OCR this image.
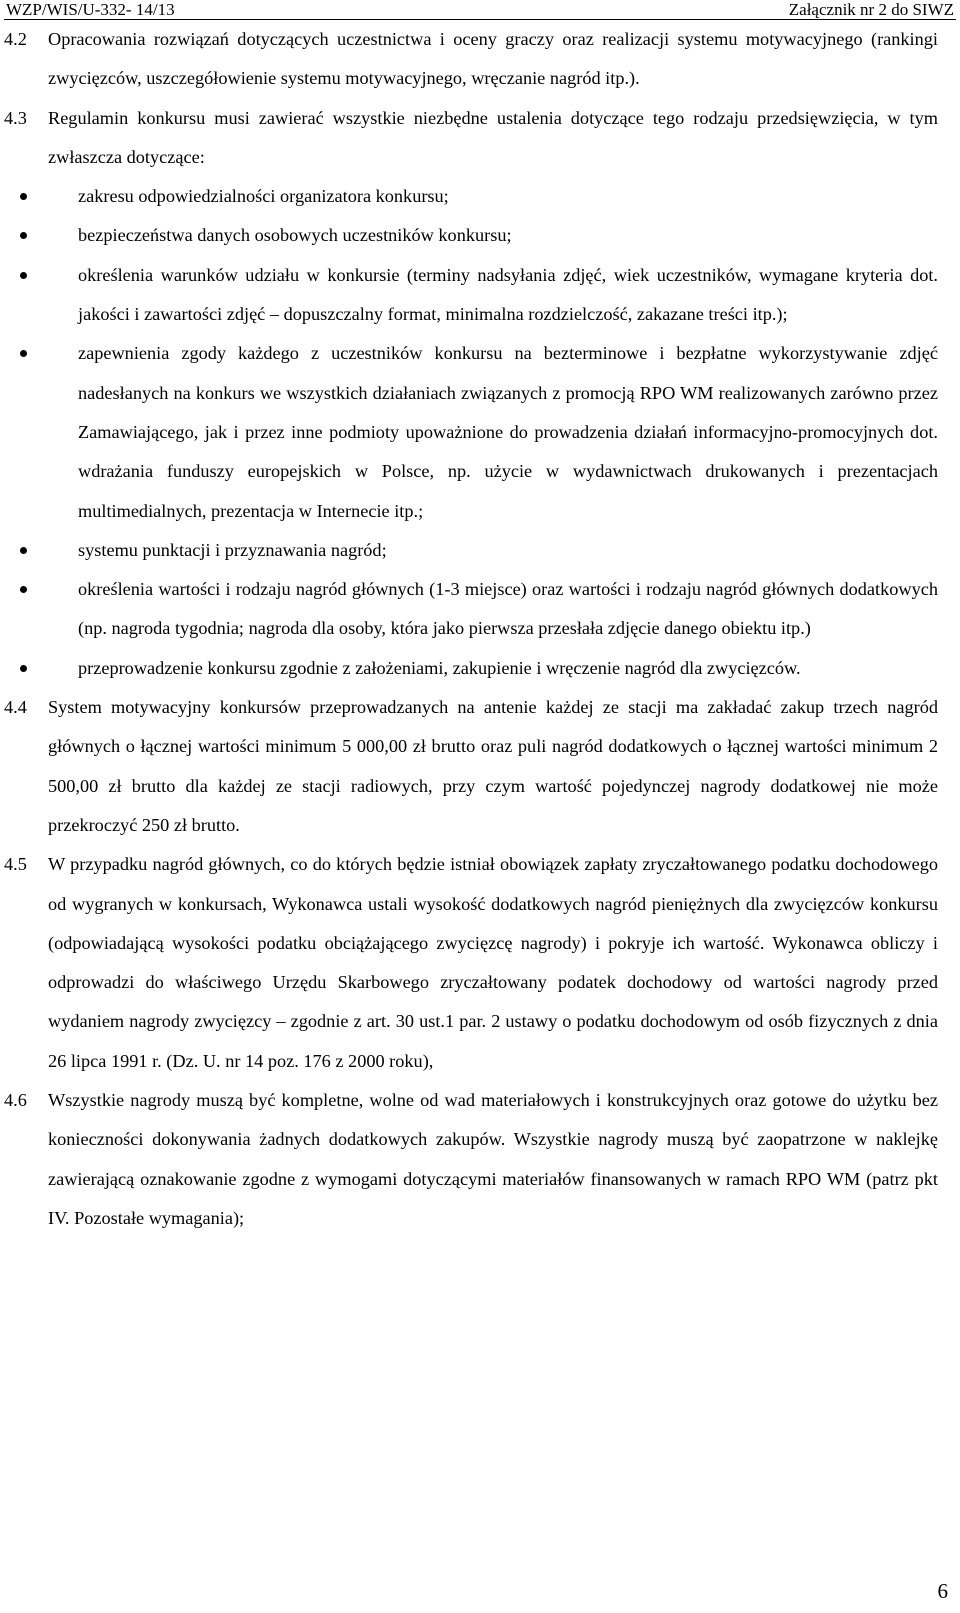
WZP/WIS/U-332- 14/13	Załącznik nr 2 do SIWZ
4.2	Opracowania rozwiązań dotyczących uczestnictwa i oceny graczy oraz realizacji systemu motywacyjnego (rankingi zwycięzców, uszczegółowienie systemu motywacyjnego, wręczanie nagród itp.).
4.3	Regulamin konkursu musi zawierać wszystkie niezbędne ustalenia dotyczące tego rodzaju przedsięwzięcia, w tym zwłaszcza dotyczące:
zakresu odpowiedzialności organizatora konkursu;
bezpieczeństwa danych osobowych uczestników konkursu;
określenia warunków udziału w konkursie (terminy nadsyłania zdjęć, wiek uczestników, wymagane kryteria dot. jakości i zawartości zdjęć – dopuszczalny format, minimalna rozdzielczość, zakazane treści itp.);
zapewnienia zgody każdego z uczestników konkursu na bezterminowe i bezpłatne wykorzystywanie zdjęć nadesłanych na konkurs we wszystkich działaniach związanych z promocją RPO WM realizowanych zarówno przez Zamawiającego, jak i przez inne podmioty upoważnione do prowadzenia działań informacyjno-promocyjnych dot. wdrażania funduszy europejskich w Polsce, np. użycie w wydawnictwach drukowanych i prezentacjach multimedialnych, prezentacja w Internecie itp.;
systemu punktacji i przyznawania nagród;
określenia wartości i rodzaju nagród głównych (1-3 miejsce) oraz wartości i rodzaju nagród głównych dodatkowych (np. nagroda tygodnia; nagroda dla osoby, która jako pierwsza przesłała zdjęcie danego obiektu itp.)
przeprowadzenie konkursu zgodnie z założeniami, zakupienie i wręczenie nagród dla zwycięzców.
4.4	System motywacyjny konkursów przeprowadzanych na antenie każdej ze stacji ma zakładać zakup trzech nagród głównych o łącznej wartości minimum 5 000,00 zł brutto oraz puli nagród dodatkowych o łącznej wartości minimum 2 500,00 zł brutto dla każdej ze stacji radiowych, przy czym wartość pojedynczej nagrody dodatkowej nie może przekroczyć 250 zł brutto.
4.5	W przypadku nagród głównych, co do których będzie istniał obowiązek zapłaty zryczałtowanego podatku dochodowego od wygranych w konkursach, Wykonawca ustali wysokość dodatkowych nagród pieniężnych dla zwycięzców konkursu (odpowiadającą wysokości podatku obciążającego zwycięzcę nagrody) i pokryje ich wartość. Wykonawca obliczy i odprowadzi do właściwego Urzędu Skarbowego zryczałtowany podatek dochodowy od wartości nagrody przed wydaniem nagrody zwycięzcy – zgodnie z art. 30 ust.1 par. 2 ustawy o podatku dochodowym od osób fizycznych z dnia 26 lipca 1991 r. (Dz. U. nr 14 poz. 176 z 2000 roku),
4.6	Wszystkie nagrody muszą być kompletne, wolne od wad materiałowych i konstrukcyjnych oraz gotowe do użytku bez konieczności dokonywania żadnych dodatkowych zakupów. Wszystkie nagrody muszą być zaopatrzone w naklejkę zawierającą oznakowanie zgodne z wymogami dotyczącymi materiałów finansowanych w ramach RPO WM (patrz pkt IV. Pozostałe wymagania);
6
